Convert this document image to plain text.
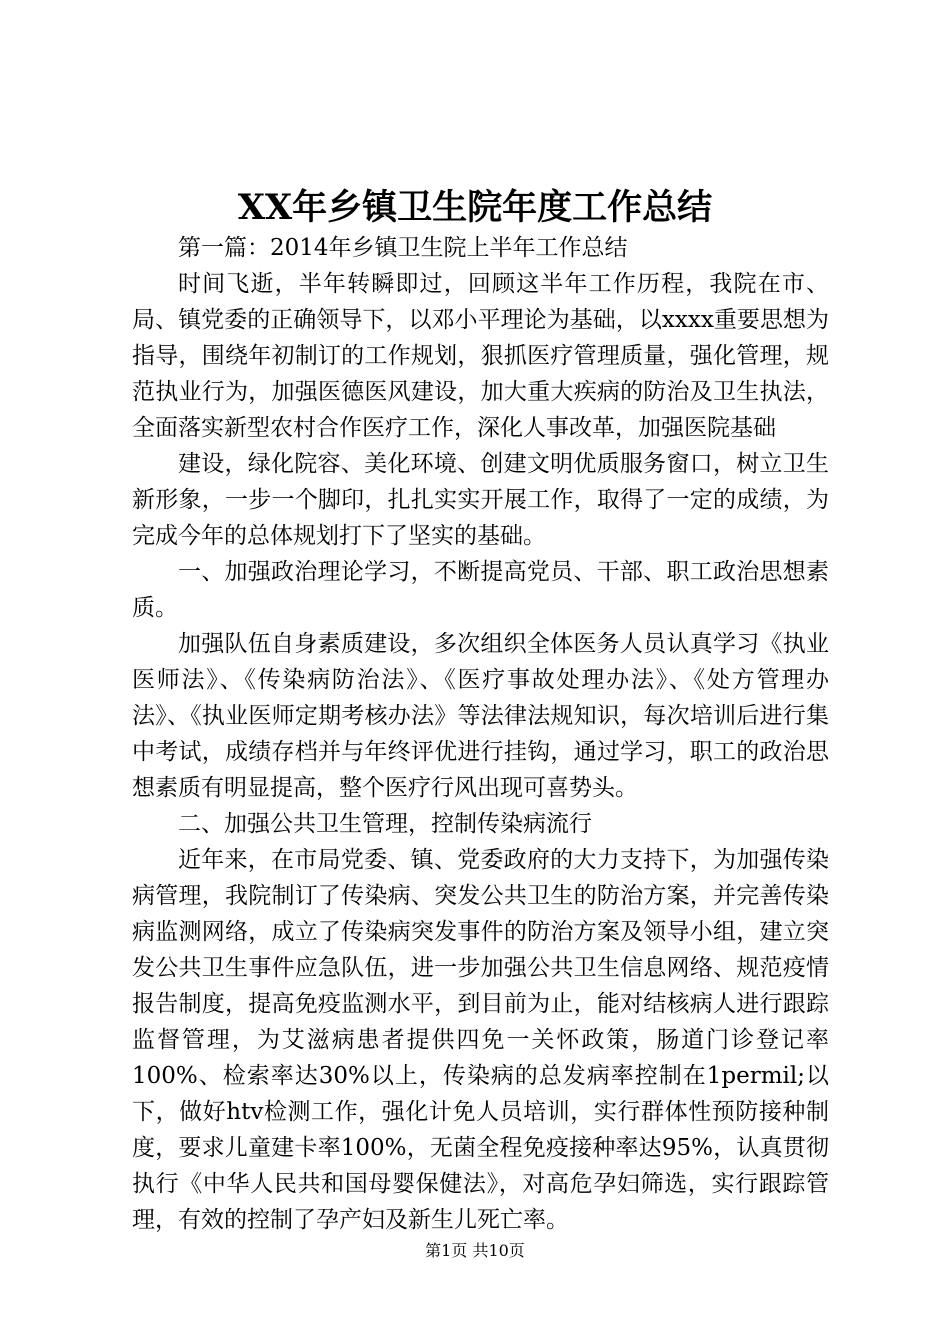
XX年乡镇卫生院年度工作总结

第一篇：2014年乡镇卫生院上半年工作总结

时间飞逝，半年转瞬即过，回顾这半年工作历程，我院在市、局、镇党委的正确领导下，以邓小平理论为基础，以xxxx重要思想为指导，围绕年初制订的工作规划，狠抓医疗管理质量，强化管理，规范执业行为，加强医德医风建设，加大重大疾病的防治及卫生执法，全面落实新型农村合作医疗工作，深化人事改革，加强医院基础

建设，绿化院容、美化环境、创建文明优质服务窗口，树立卫生新形象，一步一个脚印，扎扎实实开展工作，取得了一定的成绩，为完成今年的总体规划打下了坚实的基础。

一、加强政治理论学习，不断提高党员、干部、职工政治思想素质。

加强队伍自身素质建设，多次组织全体医务人员认真学习《执业医师法》、《传染病防治法》、《医疗事故处理办法》、《处方管理办法》、《执业医师定期考核办法》等法律法规知识，每次培训后进行集中考试，成绩存档并与年终评优进行挂钩，通过学习，职工的政治思想素质有明显提高，整个医疗行风出现可喜势头。

二、加强公共卫生管理，控制传染病流行

近年来，在市局党委、镇、党委政府的大力支持下，为加强传染病管理，我院制订了传染病、突发公共卫生的防治方案，并完善传染病监测网络，成立了传染病突发事件的防治方案及领导小组，建立突发公共卫生事件应急队伍，进一步加强公共卫生信息网络、规范疫情报告制度，提高免疫监测水平，到目前为止，能对结核病人进行跟踪监督管理，为艾滋病患者提供四免一关怀政策，肠道门诊登记率100%、检索率达30%以上，传染病的总发病率控制在1permil;以下，做好htv检测工作，强化计免人员培训，实行群体性预防接种制度，要求儿童建卡率100%，无菌全程免疫接种率达95%，认真贯彻执行《中华人民共和国母婴保健法》，对高危孕妇筛选，实行跟踪管理，有效的控制了孕产妇及新生儿死亡率。

第1页 共10页
